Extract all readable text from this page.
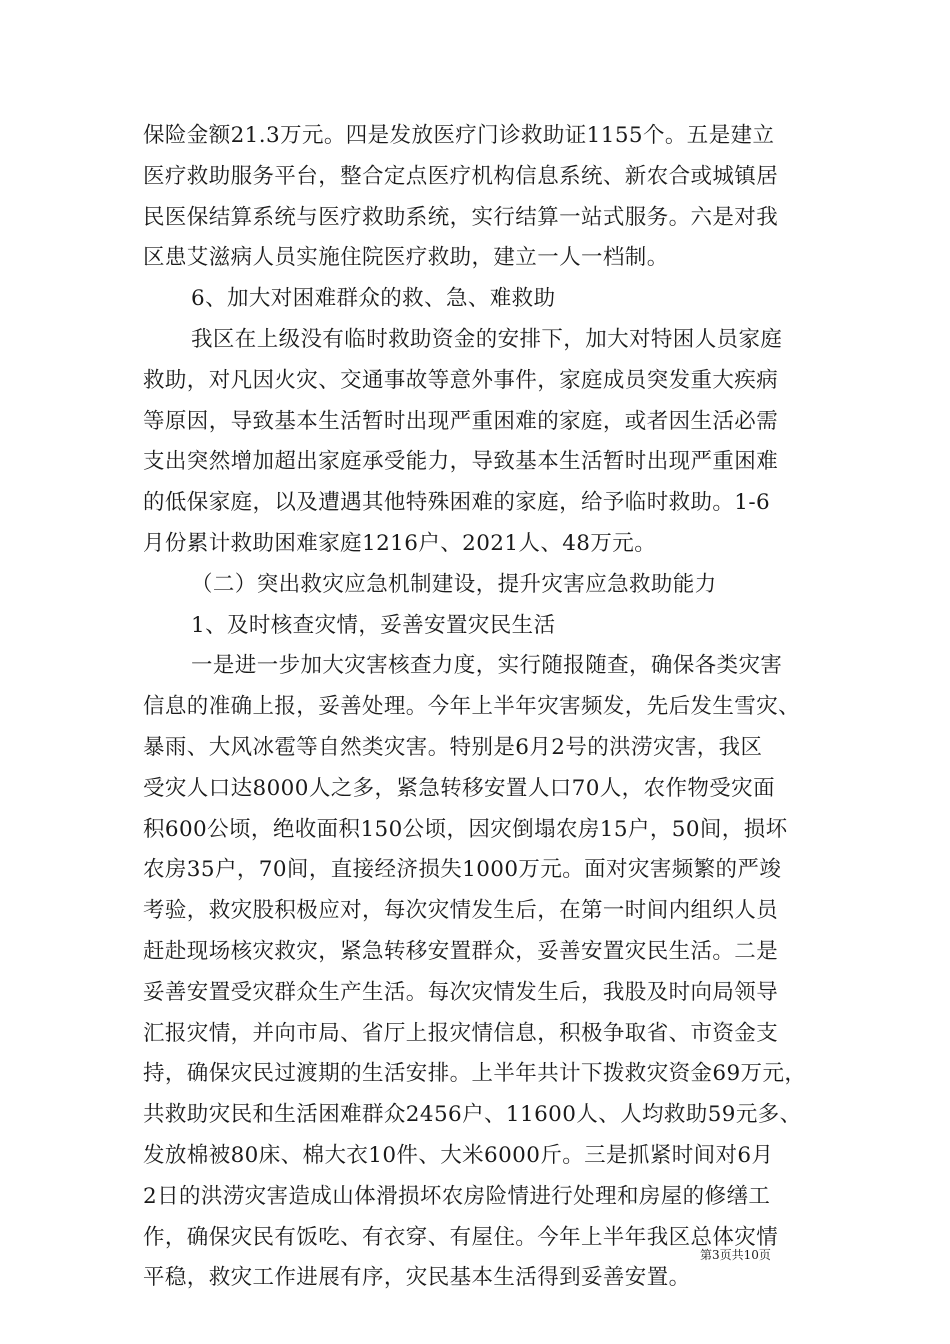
保险金额21.3万元。四是发放医疗门诊救助证1155个。五是建立
医疗救助服务平台，整合定点医疗机构信息系统、新农合或城镇居
民医保结算系统与医疗救助系统，实行结算一站式服务。六是对我
区患艾滋病人员实施住院医疗救助，建立一人一档制。
6、加大对困难群众的救、急、难救助
我区在上级没有临时救助资金的安排下，加大对特困人员家庭
救助，对凡因火灾、交通事故等意外事件，家庭成员突发重大疾病
等原因，导致基本生活暂时出现严重困难的家庭，或者因生活必需
支出突然增加超出家庭承受能力，导致基本生活暂时出现严重困难
的低保家庭，以及遭遇其他特殊困难的家庭，给予临时救助。1-6
月份累计救助困难家庭1216户、2021人、48万元。
（二）突出救灾应急机制建设，提升灾害应急救助能力
1、及时核查灾情，妥善安置灾民生活
一是进一步加大灾害核查力度，实行随报随查，确保各类灾害
信息的准确上报，妥善处理。今年上半年灾害频发，先后发生雪灾、
暴雨、大风冰雹等自然类灾害。特别是6月2号的洪涝灾害，我区
受灾人口达8000人之多，紧急转移安置人口70人，农作物受灾面
积600公顷，绝收面积150公顷，因灾倒塌农房15户，50间，损坏
农房35户，70间，直接经济损失1000万元。面对灾害频繁的严竣
考验，救灾股积极应对，每次灾情发生后，在第一时间内组织人员
赶赴现场核灾救灾，紧急转移安置群众，妥善安置灾民生活。二是
妥善安置受灾群众生产生活。每次灾情发生后，我股及时向局领导
汇报灾情，并向市局、省厅上报灾情信息，积极争取省、市资金支
持，确保灾民过渡期的生活安排。上半年共计下拨救灾资金69万元，
共救助灾民和生活困难群众2456户、11600人、人均救助59元多、
发放棉被80床、棉大衣10件、大米6000斤。三是抓紧时间对6月
2日的洪涝灾害造成山体滑损坏农房险情进行处理和房屋的修缮工
作，确保灾民有饭吃、有衣穿、有屋住。今年上半年我区总体灾情
平稳，救灾工作进展有序，灾民基本生活得到妥善安置。
第3页共10页
